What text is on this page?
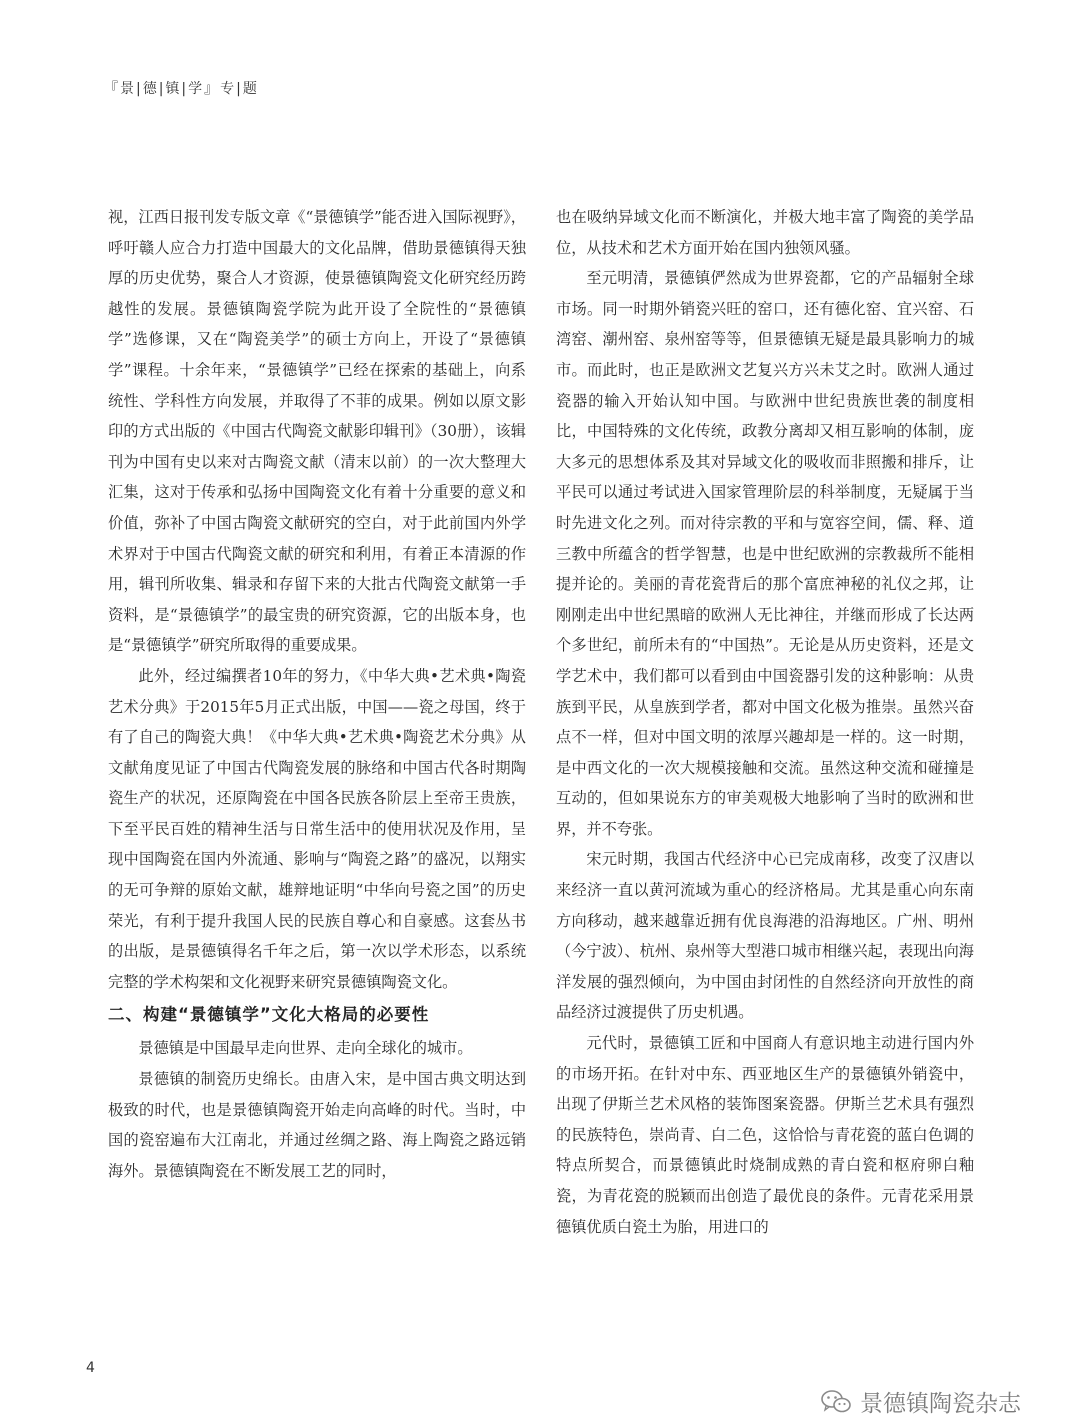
『景|德|镇|学』专|题

视，江西日报刊发专版文章《“景德镇学”能否进入国际视野》，呼吁赣人应合力打造中国最大的文化品牌，借助景德镇得天独厚的历史优势，聚合人才资源，使景德镇陶瓷文化研究经历跨越性的发展。景德镇陶瓷学院为此开设了全院性的“景德镇学”选修课，又在“陶瓷美学”的硕士方向上，开设了“景德镇学”课程。十余年来，“景德镇学”已经在探索的基础上，向系统性、学科性方向发展，并取得了不菲的成果。例如以原文影印的方式出版的《中国古代陶瓷文献影印辑刊》（30册），该辑刊为中国有史以来对古陶瓷文献（清末以前）的一次大整理大汇集，这对于传承和弘扬中国陶瓷文化有着十分重要的意义和价值，弥补了中国古陶瓷文献研究的空白，对于此前国内外学术界对于中国古代陶瓷文献的研究和利用，有着正本清源的作用，辑刊所收集、辑录和存留下来的大批古代陶瓷文献第一手资料，是“景德镇学”的最宝贵的研究资源，它的出版本身，也是“景德镇学”研究所取得的重要成果。

此外，经过编撰者10年的努力，《中华大典•艺术典•陶瓷艺术分典》于2015年5月正式出版，中国——瓷之母国，终于有了自己的陶瓷大典！《中华大典•艺术典•陶瓷艺术分典》从文献角度见证了中国古代陶瓷发展的脉络和中国古代各时期陶瓷生产的状况，还原陶瓷在中国各民族各阶层上至帝王贵族，下至平民百姓的精神生活与日常生活中的使用状况及作用，呈现中国陶瓷在国内外流通、影响与“陶瓷之路”的盛况，以翔实的无可争辩的原始文献，雄辩地证明“中华向号瓷之国”的历史荣光，有利于提升我国人民的民族自尊心和自豪感。这套丛书的出版，是景德镇得名千年之后，第一次以学术形态，以系统完整的学术构架和文化视野来研究景德镇陶瓷文化。

二、构建“景德镇学”文化大格局的必要性

景德镇是中国最早走向世界、走向全球化的城市。

景德镇的制瓷历史绵长。由唐入宋，是中国古典文明达到极致的时代，也是景德镇陶瓷开始走向高峰的时代。当时，中国的瓷窑遍布大江南北，并通过丝绸之路、海上陶瓷之路远销海外。景德镇陶瓷在不断发展工艺的同时，

也在吸纳异域文化而不断演化，并极大地丰富了陶瓷的美学品位，从技术和艺术方面开始在国内独领风骚。

至元明清，景德镇俨然成为世界瓷都，它的产品辐射全球市场。同一时期外销瓷兴旺的窑口，还有德化窑、宜兴窑、石湾窑、潮州窑、泉州窑等等，但景德镇无疑是最具影响力的城市。而此时，也正是欧洲文艺复兴方兴未艾之时。欧洲人通过瓷器的输入开始认知中国。与欧洲中世纪贵族世袭的制度相比，中国特殊的文化传统，政教分离却又相互影响的体制，庞大多元的思想体系及其对异域文化的吸收而非照搬和排斥，让平民可以通过考试进入国家管理阶层的科举制度，无疑属于当时先进文化之列。而对待宗教的平和与宽容空间，儒、释、道三教中所蕴含的哲学智慧，也是中世纪欧洲的宗教裁所不能相提并论的。美丽的青花瓷背后的那个富庶神秘的礼仪之邦，让刚刚走出中世纪黑暗的欧洲人无比神往，并继而形成了长达两个多世纪，前所未有的“中国热”。无论是从历史资料，还是文学艺术中，我们都可以看到由中国瓷器引发的这种影响：从贵族到平民，从皇族到学者，都对中国文化极为推崇。虽然兴奋点不一样，但对中国文明的浓厚兴趣却是一样的。这一时期，是中西文化的一次大规模接触和交流。虽然这种交流和碰撞是互动的，但如果说东方的审美观极大地影响了当时的欧洲和世界，并不夸张。

宋元时期，我国古代经济中心已完成南移，改变了汉唐以来经济一直以黄河流域为重心的经济格局。尤其是重心向东南方向移动，越来越靠近拥有优良海港的沿海地区。广州、明州（今宁波）、杭州、泉州等大型港口城市相继兴起，表现出向海洋发展的强烈倾向，为中国由封闭性的自然经济向开放性的商品经济过渡提供了历史机遇。

元代时，景德镇工匠和中国商人有意识地主动进行国内外的市场开拓。在针对中东、西亚地区生产的景德镇外销瓷中，出现了伊斯兰艺术风格的装饰图案瓷器。伊斯兰艺术具有强烈的民族特色，崇尚青、白二色，这恰恰与青花瓷的蓝白色调的特点所契合，而景德镇此时烧制成熟的青白瓷和枢府卵白釉瓷，为青花瓷的脱颖而出创造了最优良的条件。元青花采用景德镇优质白瓷土为胎，用进口的

4
景德镇陶瓷杂志
